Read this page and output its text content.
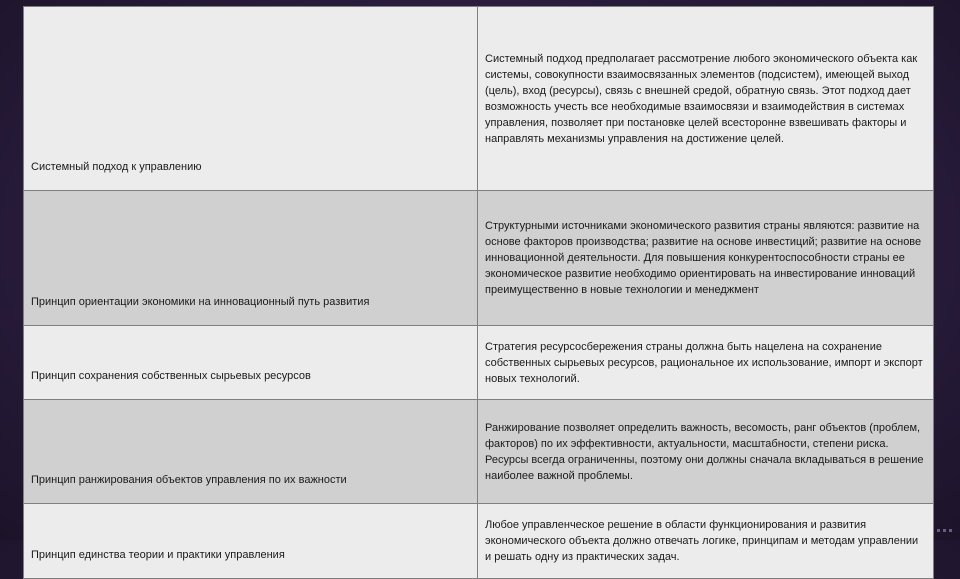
Системный подход к управлению	Системный подход предполагает рассмотрение любого экономического объекта как системы, совокупности взаимосвязанных элементов (подсистем), имеющей выход (цель), вход (ресурсы), связь с внешней средой, обратную связь. Этот подход дает возможность учесть все необходимые взаимосвязи и взаимодействия в системах управления, позволяет при постановке целей всесторонне взвешивать факторы и направлять механизмы управления на достижение целей.
Принцип ориентации экономики на инновационный путь развития	Структурными источниками экономического развития страны являются: развитие на основе факторов производства; развитие на основе инвестиций; развитие на основе инновационной деятельности. Для повышения конкурентоспособности страны ее экономическое развитие необходимо ориентировать на инвестирование инноваций преимущественно в новые технологии и менеджмент
Принцип сохранения собственных сырьевых ресурсов	Стратегия ресурсосбережения страны должна быть нацелена на сохранение собственных сырьевых ресурсов, рациональное их использование, импорт и экспорт новых технологий.
Принцип ранжирования объектов управления по их важности	Ранжирование позволяет определить важность, весомость, ранг объектов (проблем, факторов) по их эффективности, актуальности, масштабности, степени риска. Ресурсы всегда ограниченны, поэтому они должны сначала вкладываться в решение наиболее важной проблемы.
Принцип единства теории и практики управления	Любое управленческое решение в области функционирования и развития экономического объекта должно отвечать логике, принципам и методам управлении и решать одну из практических задач.
